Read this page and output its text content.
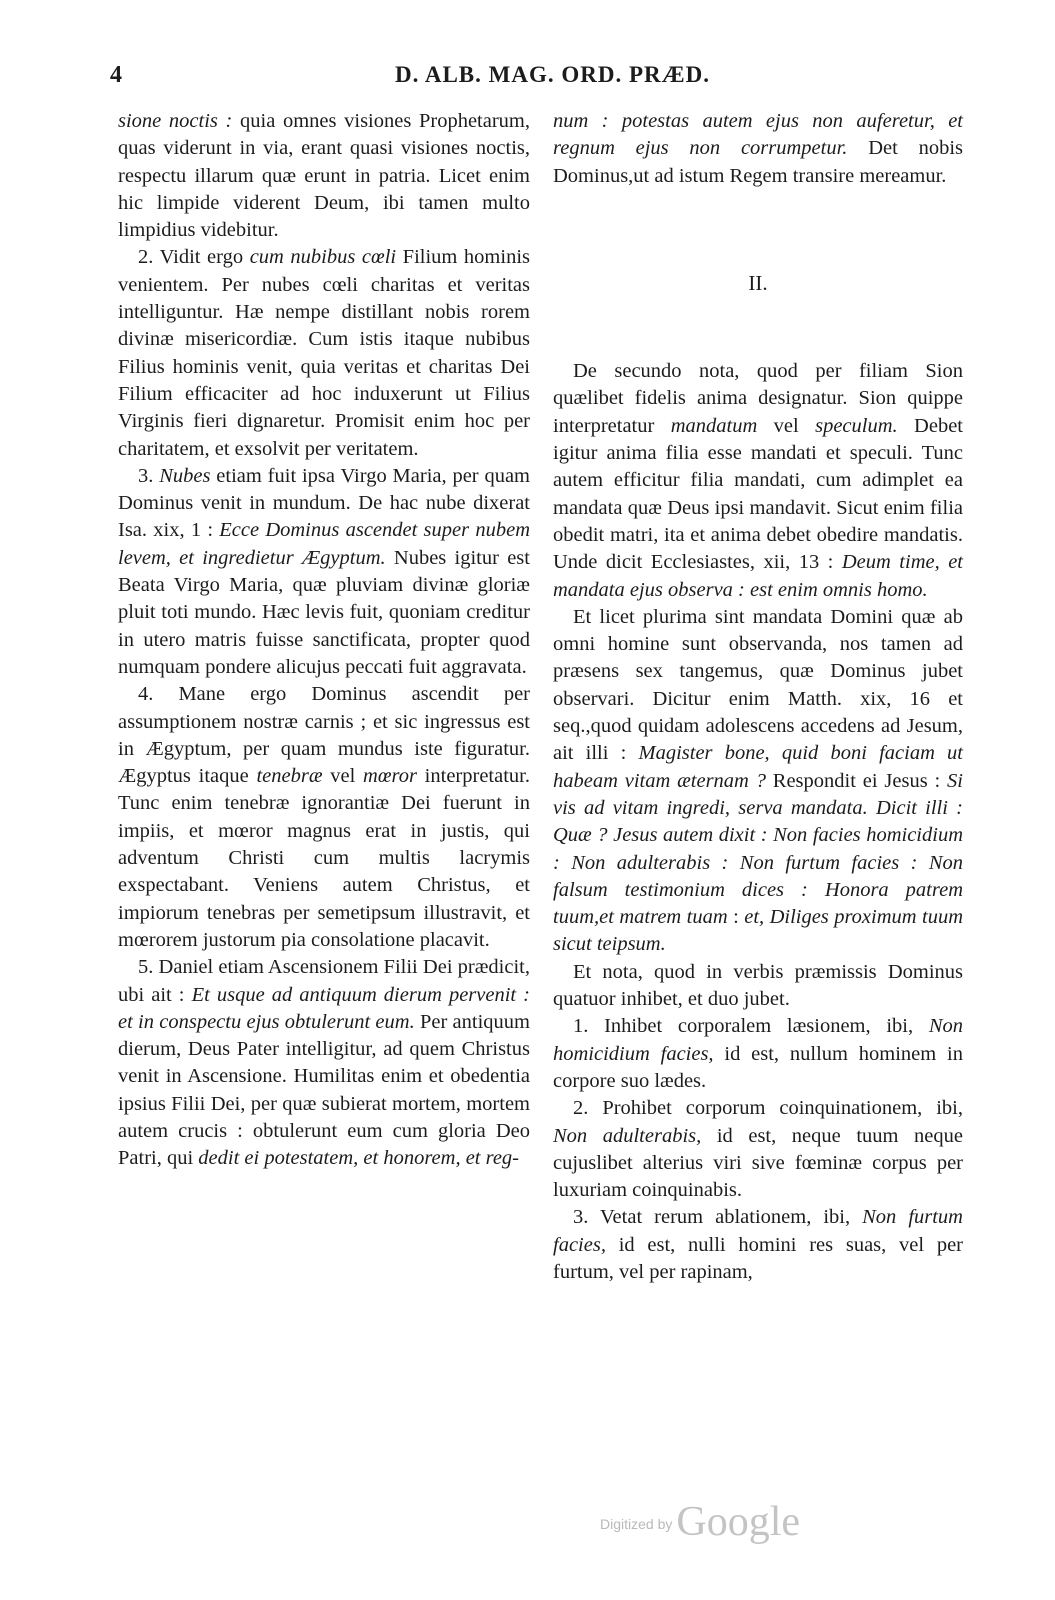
4	D. ALB. MAG. ORD. PRÆD.

sione noctis : quia omnes visiones Prophetarum, quas viderunt in via, erant quasi visiones noctis, respectu illarum quæ erunt in patria. Licet enim hic limpide viderent Deum, ibi tamen multo limpidius videbitur.

2. Vidit ergo cum nubibus cœli Filium hominis venientem. Per nubes cœli charitas et veritas intelliguntur. Hæ nempe distillant nobis rorem divinæ misericordiæ. Cum istis itaque nubibus Filius hominis venit, quia veritas et charitas Dei Filium efficaciter ad hoc induxerunt ut Filius Virginis fieri dignaretur. Promisit enim hoc per charitatem, et exsolvit per veritatem.

3. Nubes etiam fuit ipsa Virgo Maria, per quam Dominus venit in mundum. De hac nube dixerat Isa. xix, 1 : Ecce Dominus ascendet super nubem levem, et ingredietur Ægyptum. Nubes igitur est Beata Virgo Maria, quæ pluviam divinæ gloriæ pluit toti mundo. Hæc levis fuit, quoniam creditur in utero matris fuisse sanctificata, propter quod numquam pondere alicujus peccati fuit aggravata.

4. Mane ergo Dominus ascendit per assumptionem nostræ carnis ; et sic ingressus est in Ægyptum, per quam mundus iste figuratur. Ægyptus itaque tenebræ vel mœror interpretatur. Tunc enim tenebræ ignorantiæ Dei fuerunt in impiis, et mœror magnus erat in justis, qui adventum Christi cum multis lacrymis exspectabant. Veniens autem Christus, et impiorum tenebras per semetipsum illustravit, et mœrorem justorum pia consolatione placavit.

5. Daniel etiam Ascensionem Filii Dei prædicit, ubi ait : Et usque ad antiquum dierum pervenit : et in conspectu ejus obtulerunt eum. Per antiquum dierum, Deus Pater intelligitur, ad quem Christus venit in Ascensione. Humilitas enim et obedentia ipsius Filii Dei, per quæ subierat mortem, mortem autem crucis : obtulerunt eum cum gloria Deo Patri, qui dedit ei potestatem, et honorem, et reg-

num : potestas autem ejus non auferetur, et regnum ejus non corrumpetur. Det nobis Dominus,ut ad istum Regem transire mereamur.

II.

De secundo nota, quod per filiam Sion quælibet fidelis anima designatur. Sion quippe interpretatur mandatum vel speculum. Debet igitur anima filia esse mandati et speculi. Tunc autem efficitur filia mandati, cum adimplet ea mandata quæ Deus ipsi mandavit. Sicut enim filia obedit matri, ita et anima debet obedire mandatis. Unde dicit Ecclesiastes, xii, 13 : Deum time, et mandata ejus observa : est enim omnis homo.

Et licet plurima sint mandata Domini quæ ab omni homine sunt observanda, nos tamen ad præsens sex tangemus, quæ Dominus jubet observari. Dicitur enim Matth. xix, 16 et seq.,quod quidam adolescens accedens ad Jesum, ait illi : Magister bone, quid boni faciam ut habeam vitam æternam ? Respondit ei Jesus : Si vis ad vitam ingredi, serva mandata. Dicit illi : Quæ ? Jesus autem dixit : Non facies homicidium : Non adulterabis : Non furtum facies : Non falsum testimonium dices : Honora patrem tuum,et matrem tuam : et, Diliges proximum tuum sicut teipsum.

Et nota, quod in verbis præmissis Dominus quatuor inhibet, et duo jubet.

1. Inhibet corporalem læsionem, ibi, Non homicidium facies, id est, nullum hominem in corpore suo lædes.

2. Prohibet corporum coinquinationem, ibi, Non adulterabis, id est, neque tuum neque cujuslibet alterius viri sive fœminæ corpus per luxuriam coinquinabis.

3. Vetat rerum ablationem, ibi, Non furtum facies, id est, nulli homini res suas, vel per furtum, vel per rapinam,

Digitized byGoogle
